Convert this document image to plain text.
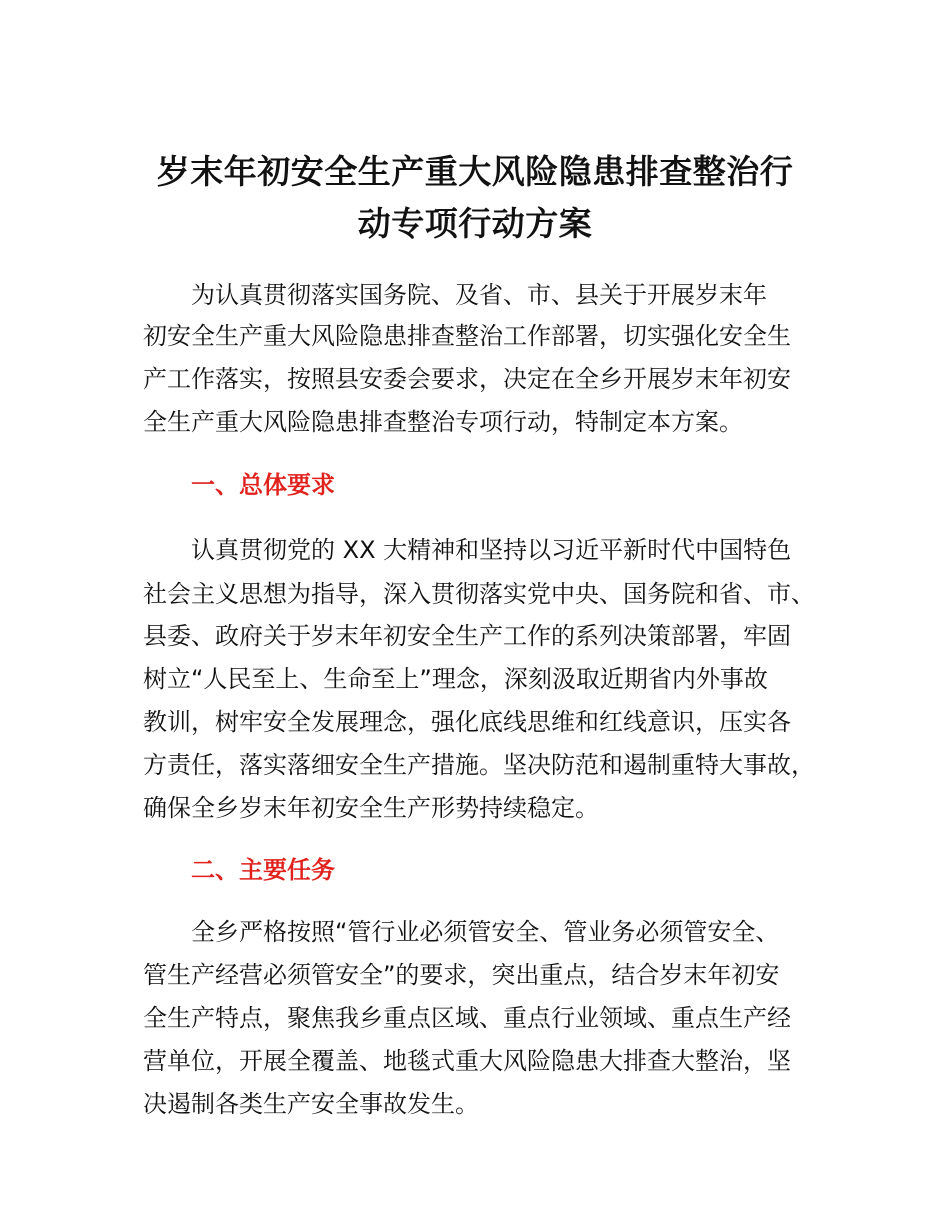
岁末年初安全生产重大风险隐患排查整治行
动专项行动方案

为认真贯彻落实国务院、及省、市、县关于开展岁末年

初安全生产重大风险隐患排查整治工作部署，切实强化安全生

产工作落实，按照县安委会要求，决定在全乡开展岁末年初安

全生产重大风险隐患排查整治专项行动，特制定本方案。

一、总体要求

认真贯彻党的 XX 大精神和坚持以习近平新时代中国特色

社会主义思想为指导，深入贯彻落实党中央、国务院和省、市、

县委、政府关于岁末年初安全生产工作的系列决策部署，牢固

树立“人民至上、生命至上”理念，深刻汲取近期省内外事故

教训，树牢安全发展理念，强化底线思维和红线意识，压实各

方责任，落实落细安全生产措施。坚决防范和遏制重特大事故，

确保全乡岁末年初安全生产形势持续稳定。

二、主要任务

全乡严格按照“管行业必须管安全、管业务必须管安全、

管生产经营必须管安全”的要求，突出重点，结合岁末年初安

全生产特点，聚焦我乡重点区域、重点行业领域、重点生产经

营单位，开展全覆盖、地毯式重大风险隐患大排查大整治，坚

决遏制各类生产安全事故发生。
